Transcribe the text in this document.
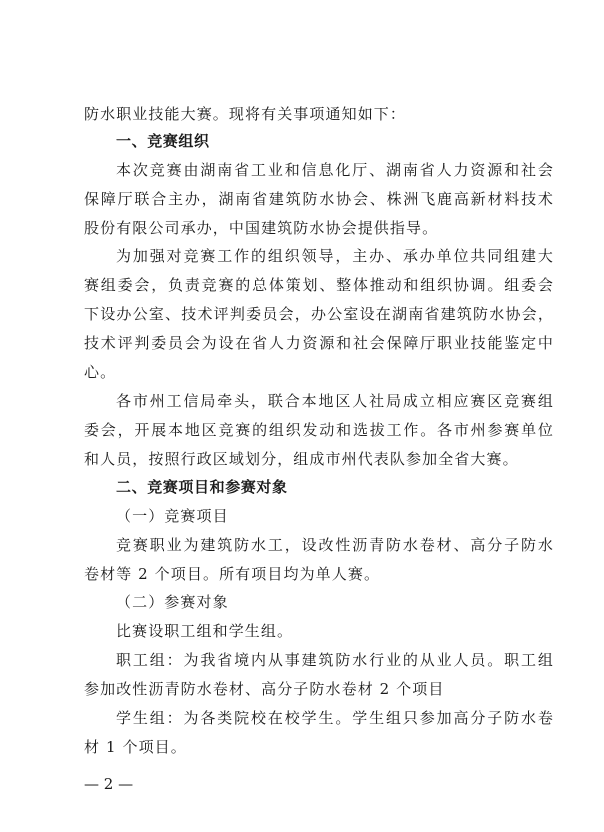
防水职业技能大赛。现将有关事项通知如下：
一、竞赛组织
本次竞赛由湖南省工业和信息化厅、湖南省人力资源和社会
保障厅联合主办，湖南省建筑防水协会、株洲飞鹿高新材料技术
股份有限公司承办，中国建筑防水协会提供指导。
为加强对竞赛工作的组织领导，主办、承办单位共同组建大
赛组委会，负责竞赛的总体策划、整体推动和组织协调。组委会
下设办公室、技术评判委员会，办公室设在湖南省建筑防水协会，
技术评判委员会为设在省人力资源和社会保障厅职业技能鉴定中
心。
各市州工信局牵头，联合本地区人社局成立相应赛区竞赛组
委会，开展本地区竞赛的组织发动和选拔工作。各市州参赛单位
和人员，按照行政区域划分，组成市州代表队参加全省大赛。
二、竞赛项目和参赛对象
（一）竞赛项目
竞赛职业为建筑防水工，设改性沥青防水卷材、高分子防水
卷材等 2 个项目。所有项目均为单人赛。
（二）参赛对象
比赛设职工组和学生组。
职工组：为我省境内从事建筑防水行业的从业人员。职工组
参加改性沥青防水卷材、高分子防水卷材 2 个项目
学生组：为各类院校在校学生。学生组只参加高分子防水卷
材 1 个项目。
— 2 —
